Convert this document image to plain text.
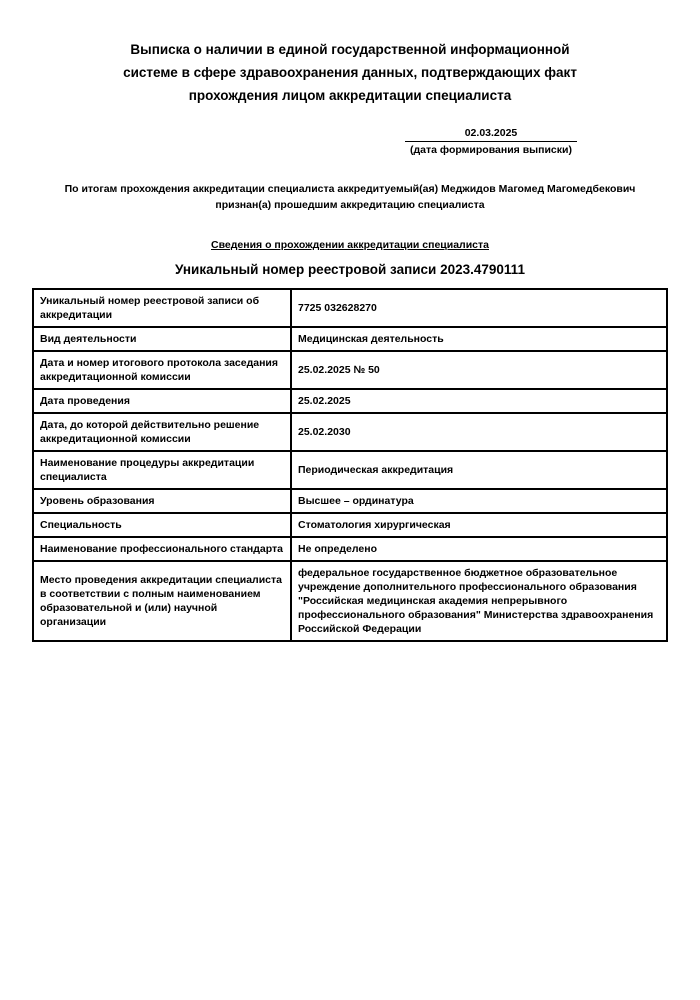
Выписка о наличии в единой государственной информационной
системе в сфере здравоохранения данных, подтверждающих факт
прохождения лицом аккредитации специалиста
02.03.2025
(дата формирования выписки)
По итогам прохождения аккредитации специалиста аккредитуемый(ая) Меджидов Магомед Магомедбекович
признан(а) прошедшим аккредитацию специалиста
Сведения о прохождении аккредитации специалиста
Уникальный номер реестровой записи 2023.4790111
Уникальный номер реестровой записи об аккредитации	7725 032628270
Вид деятельности	Медицинская деятельность
Дата и номер итогового протокола заседания аккредитационной комиссии	25.02.2025 № 50
Дата проведения	25.02.2025
Дата, до которой действительно решение аккредитационной комиссии	25.02.2030
Наименование процедуры аккредитации специалиста	Периодическая аккредитация
Уровень образования	Высшее – ординатура
Специальность	Стоматология хирургическая
Наименование профессионального стандарта	Не определено
Место проведения аккредитации специалиста в соответствии с полным наименованием образовательной и (или) научной организации	федеральное государственное бюджетное образовательное учреждение дополнительного профессионального образования "Российская медицинская академия непрерывного профессионального образования" Министерства здравоохранения Российской Федерации
